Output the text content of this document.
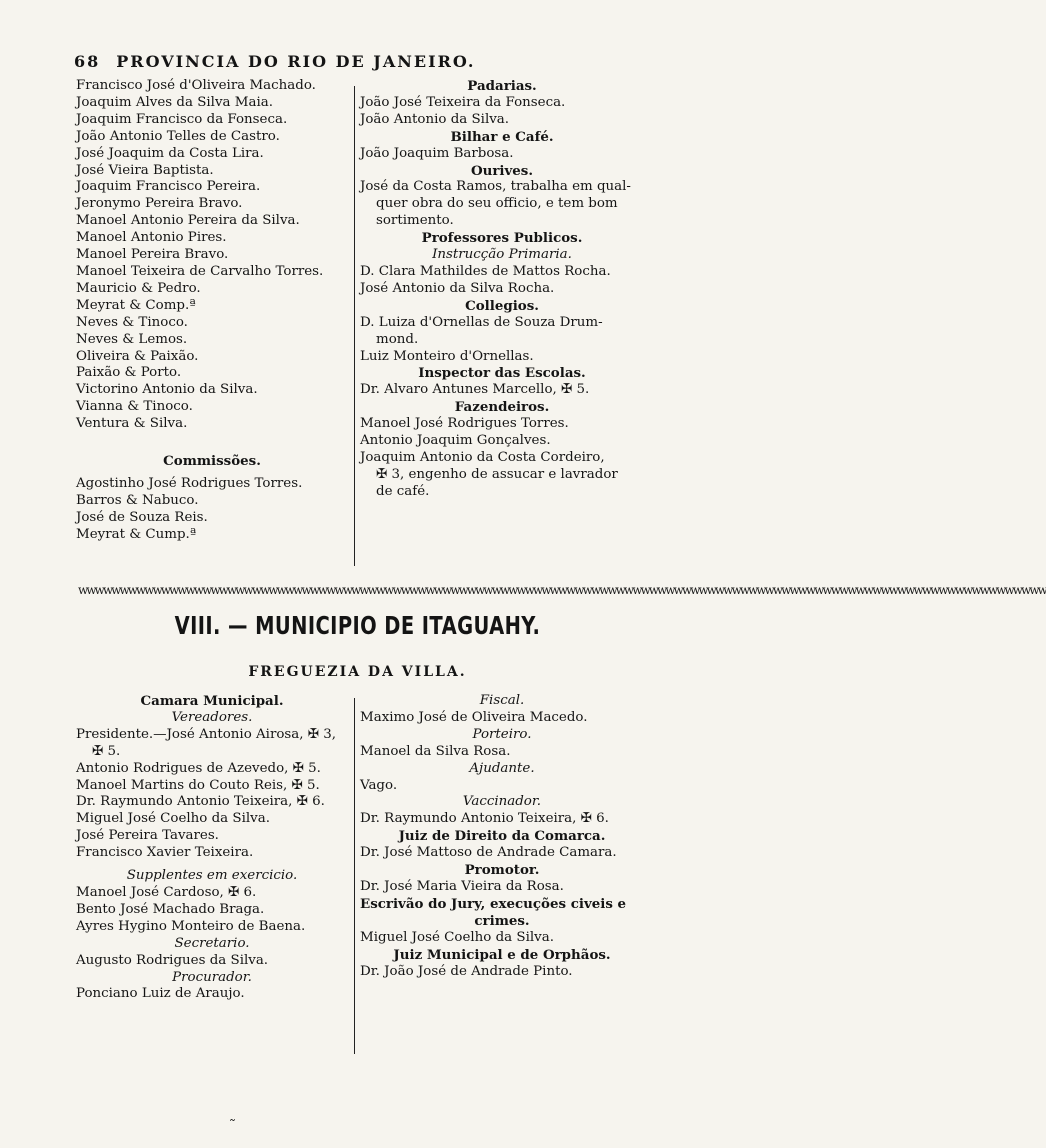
68 PROVINCIA DO RIO DE JANEIRO.
Francisco José d'Oliveira Machado.
Joaquim Alves da Silva Maia.
Joaquim Francisco da Fonseca.
João Antonio Telles de Castro.
José Joaquim da Costa Lira.
José Vieira Baptista.
Joaquim Francisco Pereira.
Jeronymo Pereira Bravo.
Manoel Antonio Pereira da Silva.
Manoel Antonio Pires.
Manoel Pereira Bravo.
Manoel Teixeira de Carvalho Torres.
Mauricio & Pedro.
Meyrat & Comp.ª
Neves & Tinoco.
Neves & Lemos.
Oliveira & Paixão.
Paixão & Porto.
Victorino Antonio da Silva.
Vianna & Tinoco.
Ventura & Silva.
Commissões.
Agostinho José Rodrigues Torres.
Barros & Nabuco.
José de Souza Reis.
Meyrat & Cump.ª
Padarias.
João José Teixeira da Fonseca.
João Antonio da Silva.
Bilhar e Café.
João Joaquim Barbosa.
Ourives.
José da Costa Ramos, trabalha em qual-
quer obra do seu officio, e tem bom
sortimento.
Professores Publicos.
Instrucção Primaria.
D. Clara Mathildes de Mattos Rocha.
José Antonio da Silva Rocha.
Collegios.
D. Luiza d'Ornellas de Souza Drum-
mond.
Luiz Monteiro d'Ornellas.
Inspector das Escolas.
Dr. Alvaro Antunes Marcello, ✠ 5.
Fazendeiros.
Manoel José Rodrigues Torres.
Antonio Joaquim Gonçalves.
Joaquim Antonio da Costa Cordeiro,
✠ 3, engenho de assucar e lavrador
de café.
wwwwwwwwwwwwwwwwwwwwwwwwwwwwwwwwwwwwwwwwwwwwwwwwwwwwwwwwwwwwwwwwwwwwwwwwwwwwwwwwwwwwwwwwwwwwwwwwwwwwwwwwwwwwwwwwwwwww
VIII. — MUNICIPIO DE ITAGUAHY.
FREGUEZIA DA VILLA.
Camara Municipal.
Vereadores.
Presidente.—José Antonio Airosa, ✠ 3,
✠ 5.
Antonio Rodrigues de Azevedo, ✠ 5.
Manoel Martins do Couto Reis, ✠ 5.
Dr. Raymundo Antonio Teixeira, ✠ 6.
Miguel José Coelho da Silva.
José Pereira Tavares.
Francisco Xavier Teixeira.
Supplentes em exercicio.
Manoel José Cardoso, ✠ 6.
Bento José Machado Braga.
Ayres Hygino Monteiro de Baena.
Secretario.
Augusto Rodrigues da Silva.
Procurador.
Ponciano Luiz de Araujo.
Fiscal.
Maximo José de Oliveira Macedo.
Porteiro.
Manoel da Silva Rosa.
Ajudante.
Vago.
Vaccinador.
Dr. Raymundo Antonio Teixeira, ✠ 6.
Juiz de Direito da Comarca.
Dr. José Mattoso de Andrade Camara.
Promotor.
Dr. José Maria Vieira da Rosa.
Escrivão do Jury, execuções civeis e
crimes.
Miguel José Coelho da Silva.
Juiz Municipal e de Orphãos.
Dr. João José de Andrade Pinto.
˜
